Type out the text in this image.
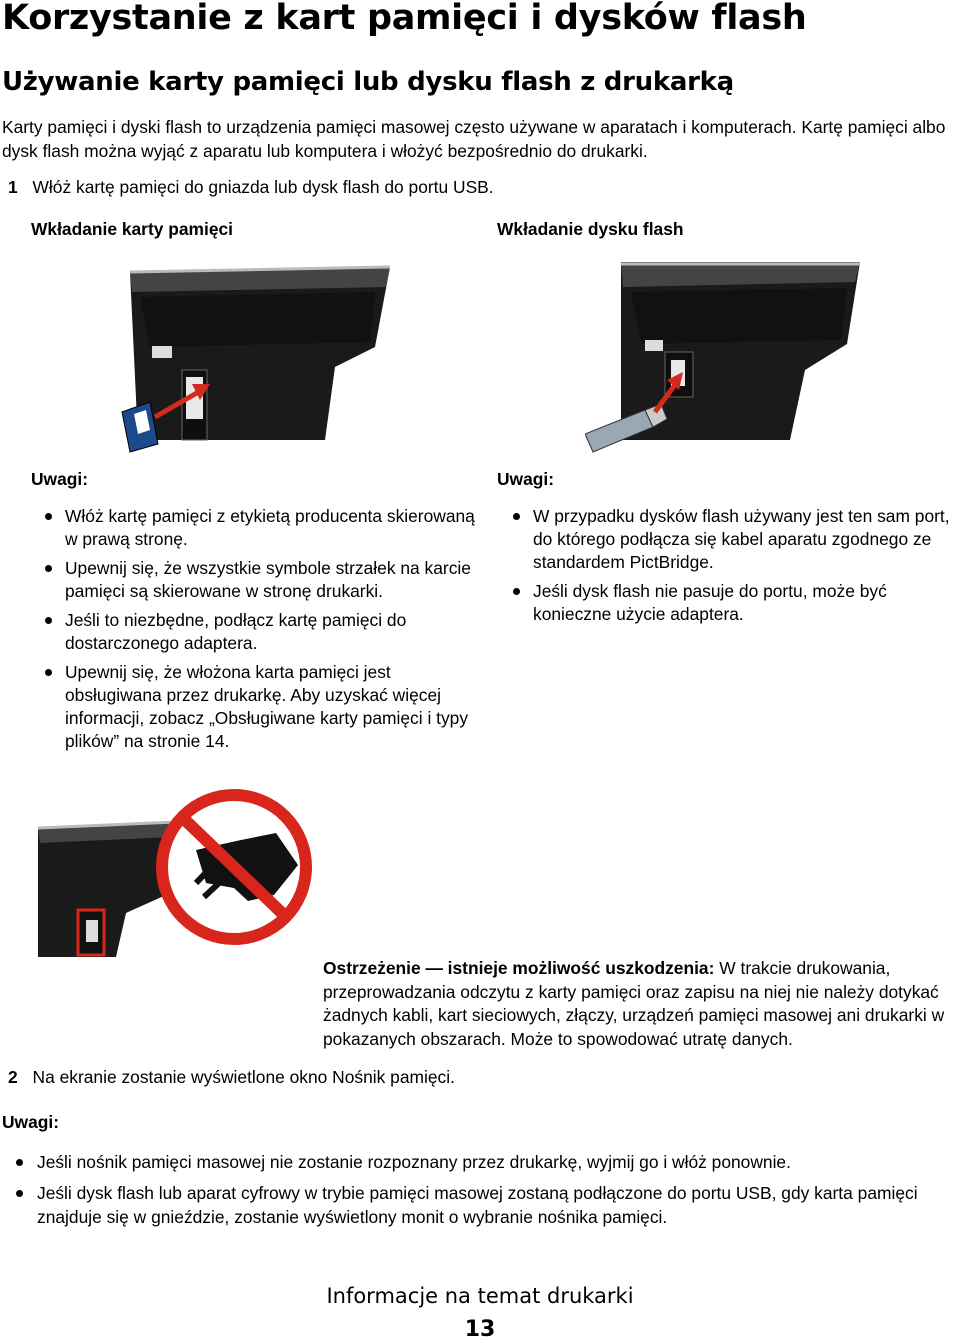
Korzystanie z kart pamięci i dysków flash
Używanie karty pamięci lub dysku flash z drukarką
Karty pamięci i dyski flash to urządzenia pamięci masowej często używane w aparatach i komputerach. Kartę pamięci albo dysk flash można wyjąć z aparatu lub komputera i włożyć bezpośrednio do drukarki.
1 Włóż kartę pamięci do gniazda lub dysk flash do portu USB.
Wkładanie karty pamięci
Uwagi:
Włóż kartę pamięci z etykietą producenta skierowaną w prawą stronę.
Upewnij się, że wszystkie symbole strzałek na karcie pamięci są skierowane w stronę drukarki.
Jeśli to niezbędne, podłącz kartę pamięci do dostarczonego adaptera.
Upewnij się, że włożona karta pamięci jest obsługiwana przez drukarkę. Aby uzyskać więcej informacji, zobacz „Obsługiwane karty pamięci i typy plików” na stronie 14.
Wkładanie dysku flash
Uwagi:
W przypadku dysków flash używany jest ten sam port, do którego podłącza się kabel aparatu zgodnego ze standardem PictBridge.
Jeśli dysk flash nie pasuje do portu, może być konieczne użycie adaptera.
Ostrzeżenie — istnieje możliwość uszkodzenia: W trakcie drukowania, przeprowadzania odczytu z karty pamięci oraz zapisu na niej nie należy dotykać żadnych kabli, kart sieciowych, złączy, urządzeń pamięci masowej ani drukarki w pokazanych obszarach. Może to spowodować utratę danych.
2 Na ekranie zostanie wyświetlone okno Nośnik pamięci.
Uwagi:
Jeśli nośnik pamięci masowej nie zostanie rozpoznany przez drukarkę, wyjmij go i włóż ponownie.
Jeśli dysk flash lub aparat cyfrowy w trybie pamięci masowej zostaną podłączone do portu USB, gdy karta pamięci znajduje się w gnieździe, zostanie wyświetlony monit o wybranie nośnika pamięci.
Informacje na temat drukarki
13
